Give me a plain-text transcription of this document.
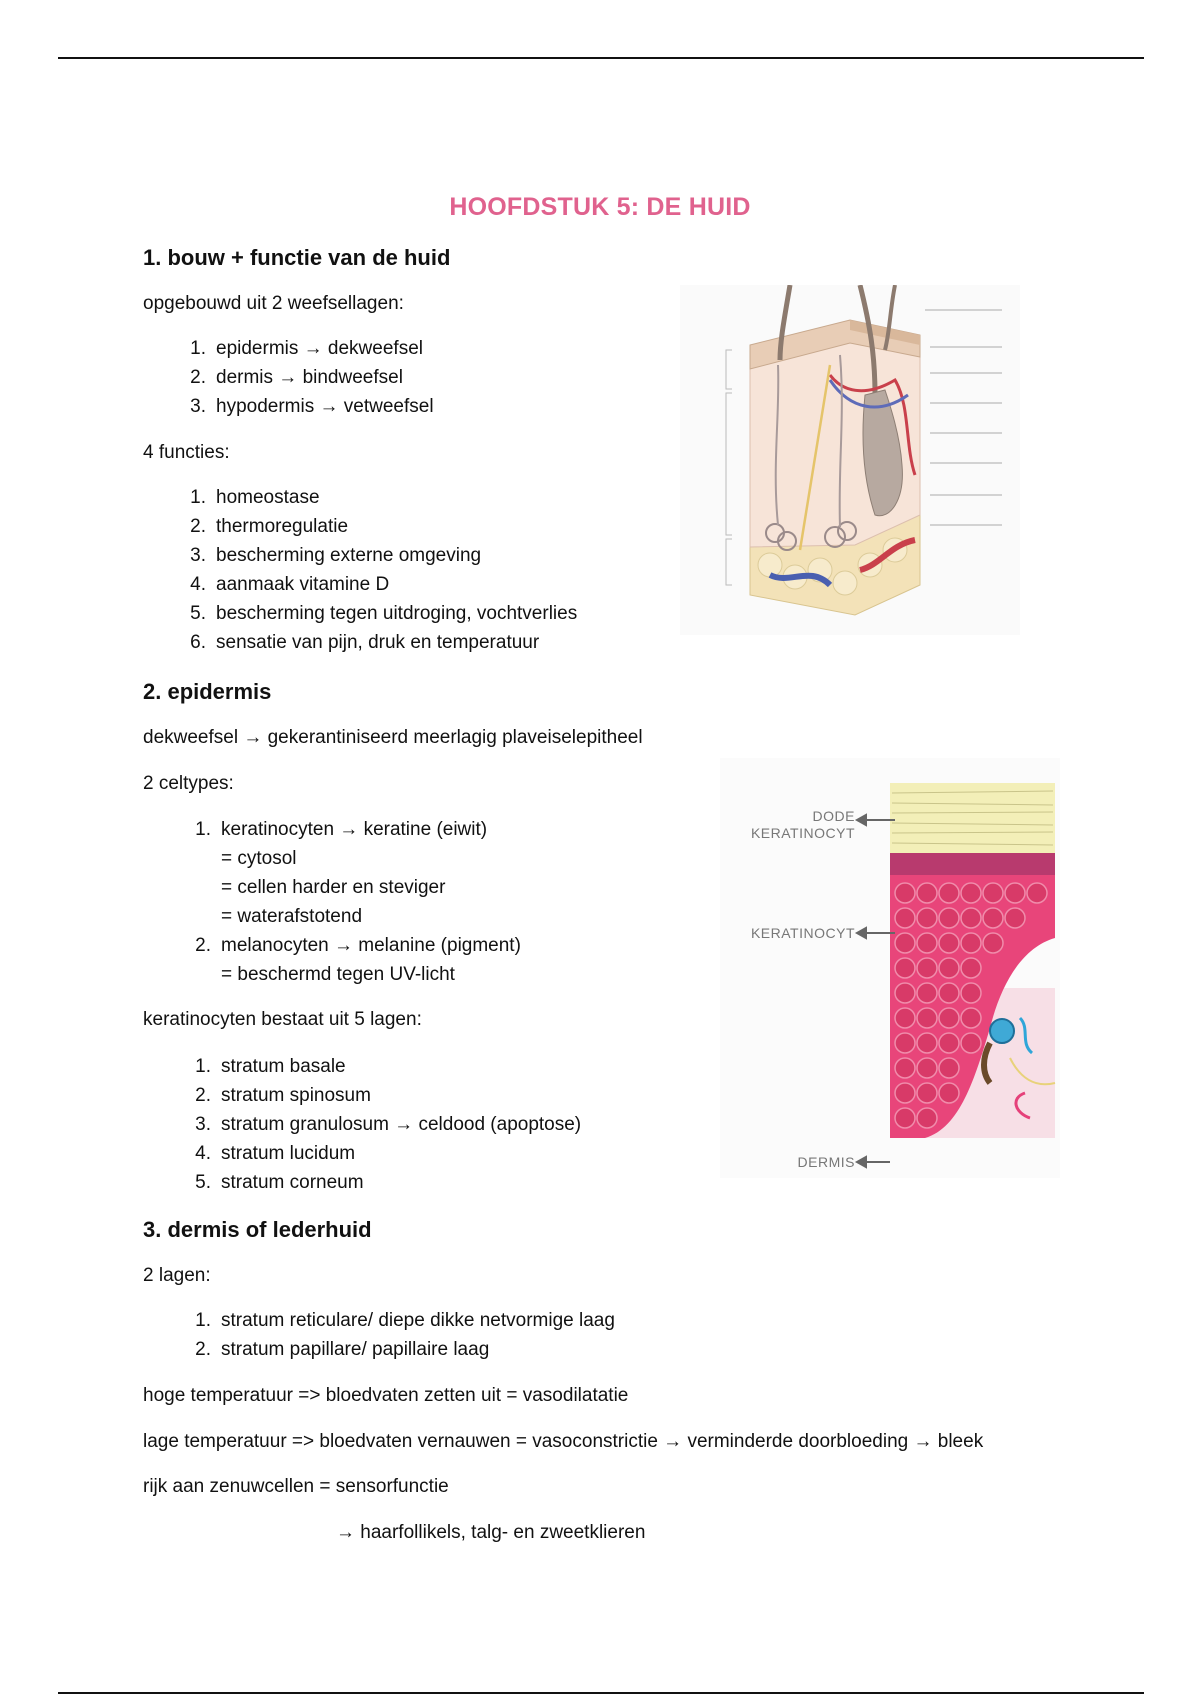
HOOFDSTUK 5: DE HUID
1. bouw + functie van de huid
opgebouwd uit 2 weefsellagen:
1. epidermis → dekweefsel
2. dermis → bindweefsel
3. hypodermis → vetweefsel
4 functies:
1. homeostase
2. thermoregulatie
3. bescherming externe omgeving
4. aanmaak vitamine D
5. bescherming tegen uitdroging, vochtverlies
6. sensatie van pijn, druk en temperatuur
2. epidermis
dekweefsel → gekerantiniseerd meerlagig plaveiselepitheel
2 celtypes:
1. keratinocyten → keratine (eiwit)
= cytosol
= cellen harder en steviger
= waterafstotend
2. melanocyten → melanine (pigment)
= beschermd tegen UV-licht
keratinocyten bestaat uit 5 lagen:
1. stratum basale
2. stratum spinosum
3. stratum granulosum → celdood (apoptose)
4. stratum lucidum
5. stratum corneum
DODE
KERATINOCYT
KERATINOCYT
DERMIS
3. dermis of lederhuid
2 lagen:
1. stratum reticulare/ diepe dikke netvormige laag
2. stratum papillare/ papillaire laag
hoge temperatuur => bloedvaten zetten uit = vasodilatatie
lage temperatuur => bloedvaten vernauwen = vasoconstrictie → verminderde doorbloeding → bleek
rijk aan zenuwcellen = sensorfunctie
→ haarfollikels, talg- en zweetklieren
